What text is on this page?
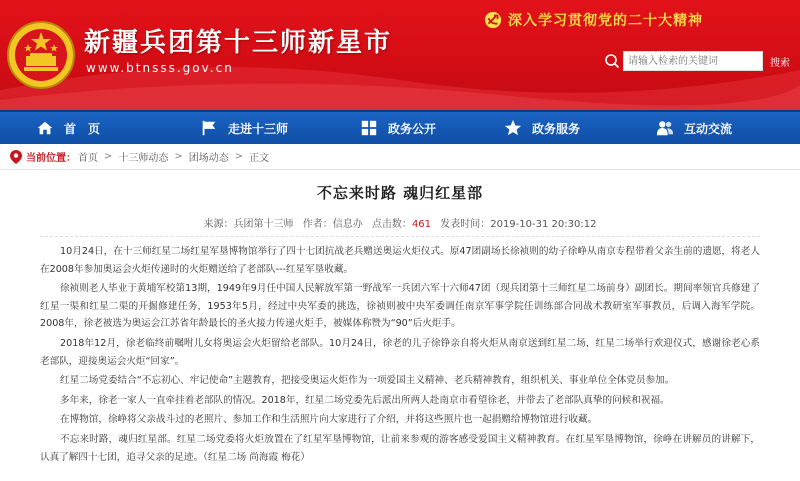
新疆兵团第十三师新星市
www.btnsss.gov.cn
深入学习贯彻党的二十大精神
请输入检索的关键词
搜索
首　页	走进十三师	政务公开	政务服务	互动交流
当前位置： 首页 > 十三师动态 > 团场动态 > 正文
不忘来时路 魂归红星部
来源：兵团第十三师 作者：信息办 点击数：461 发表时间：2019-10-31 20:30:12

10月24日，在十三师红星二场红星军垦博物馆举行了四十七团抗战老兵赠送奥运火炬仪式。原47团副场长徐祯则的幼子徐峥从南京专程带着父亲生前的遗愿，将老人在2008年参加奥运会火炬传递时的火炬赠送给了老部队---红星军垦收藏。

徐祯则老人毕业于黄埔军校第13期，1949年9月任中国人民解放军第一野战军一兵团六军十六师47团（现兵团第十三师红星二场前身）副团长。期间率领官兵修建了红星一渠和红星二渠的开掘修建任务，1953年5月，经过中央军委的挑选，徐祯则被中央军委调任南京军事学院任训练部合同战术教研室军事教员，后调入海军学院。2008年，徐老被选为奥运会江苏省年龄最长的圣火接力传递火炬手，被媒体称赞为“90”后火炬手。

2018年12月，徐老临终前嘱咐儿女将奥运会火炬留给老部队。10月24日，徐老的儿子徐铮亲自将火炬从南京送到红星二场，红星二场举行欢迎仪式，感谢徐老心系老部队，迎接奥运会火炬“回家”。

红星二场党委结合“不忘初心、牢记使命”主题教育，把接受奥运火炬作为一项爱国主义精神、老兵精神教育，组织机关、事业单位全体党员参加。

多年来，徐老一家人一直牵挂着老部队的情况。2018年，红星二场党委先后派出所两人赴南京市看望徐老，并带去了老部队真挚的问候和祝福。

在博物馆，徐峥将父亲战斗过的老照片、参加工作和生活照片向大家进行了介绍，并将这些照片也一起捐赠给博物馆进行收藏。

不忘来时路，魂归红星部。红星二场党委将火炬放置在了红星军垦博物馆，让前来参观的游客感受爱国主义精神教育。在红星军垦博物馆，徐峥在讲解员的讲解下，认真了解四十七团，追寻父亲的足迹。（红星二场 尚海霞 梅花）
